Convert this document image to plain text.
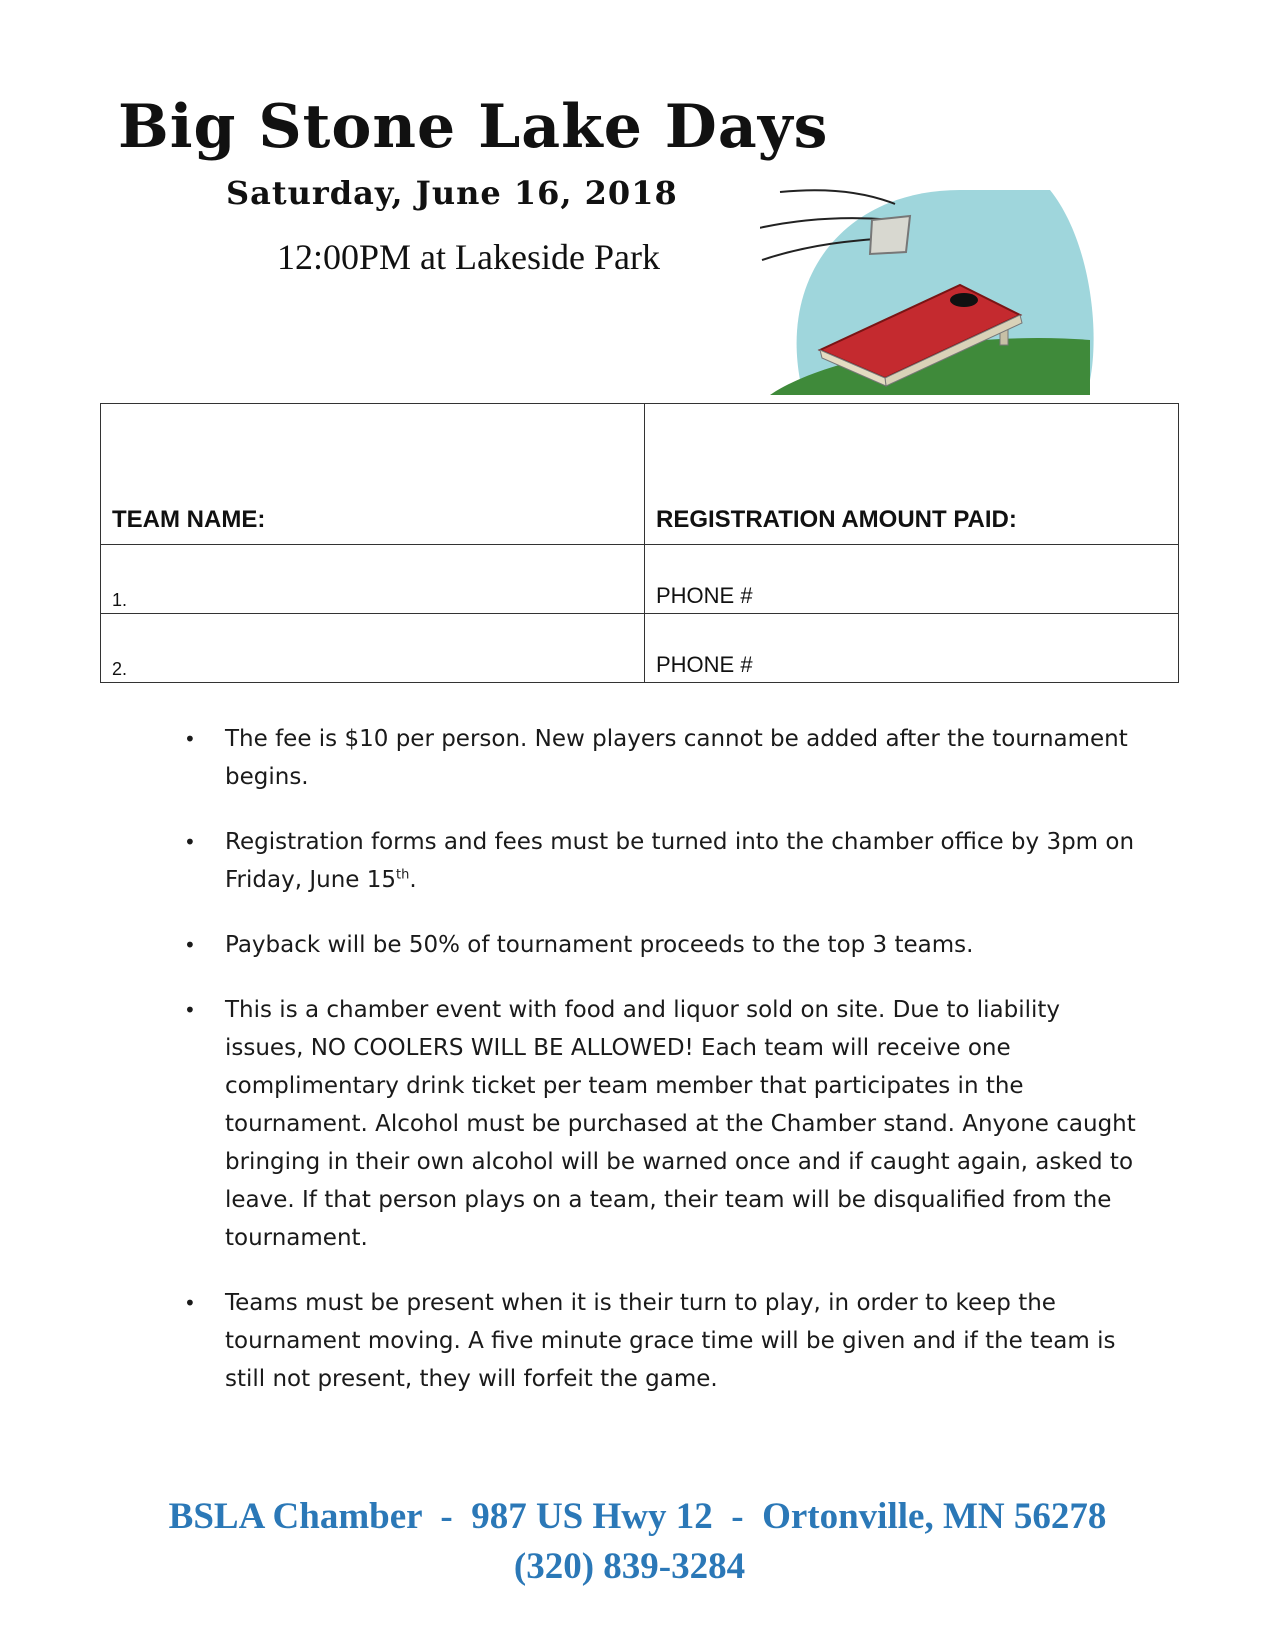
Big Stone Lake Days
Saturday, June 16, 2018
12:00PM at Lakeside Park
TEAM NAME:	REGISTRATION AMOUNT PAID:
1.	PHONE #
2.	PHONE #
• The fee is $10 per person. New players cannot be added after the tournament begins.
• Registration forms and fees must be turned into the chamber office by 3pm on Friday, June 15th.
• Payback will be 50% of tournament proceeds to the top 3 teams.
• This is a chamber event with food and liquor sold on site. Due to liability issues, NO COOLERS WILL BE ALLOWED! Each team will receive one complimentary drink ticket per team member that participates in the tournament. Alcohol must be purchased at the Chamber stand. Anyone caught bringing in their own alcohol will be warned once and if caught again, asked to leave. If that person plays on a team, their team will be disqualified from the tournament.
• Teams must be present when it is their turn to play, in order to keep the tournament moving. A five minute grace time will be given and if the team is still not present, they will forfeit the game.
BSLA Chamber  -  987 US Hwy 12  -  Ortonville, MN 56278
(320) 839-3284
